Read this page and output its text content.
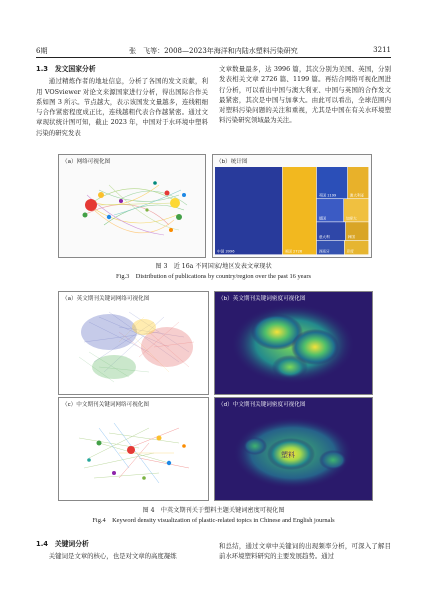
6期	张　飞等：2008—2023年海洋和内陆水塑料污染研究	3211
1.3　发文国家分析

通过精炼作者的地址信息，分析了各国的发文贡献，利用 VOSviewer 对论文来源国家进行分析，得出国际合作关系如图 3 所示。节点越大，表示该国发文量越多，连线粗细与合作紧密程度成正比，连线越粗代表合作越紧密。通过文章现状统计图可知，截止 2023 年，中国对于水环境中塑料污染的研究发表

文章数量最多，达 3996 篇，其次分别为美国、英国，分别发表相关文章 2726 篇、1199 篇。再结合网络可视化图进行分析，可以看出中国与澳大利亚、中国与英国的合作发文最紧密，其次是中国与加拿大。由此可以看出，全球范围内对塑料污染问题的关注和重视，尤其是中国在有关水环境塑料污染研究领域最为关注。

（a）网络可视化图	（b）统计图
中国 3996	美国 2726
英国 1199	澳大利亚
德国	加拿大
意大利	韩国
西班牙	印度
图 3　近 16a 不同国家/地区发表文章现状
Fig.3　Distribution of publications by country/region over the past 16 years
（a）英文期刊关键词网络可视化图	（b）英文期刊关键词密度可视化图
（c）中文期刊关键词网络可视化图	（d）中文期刊关键词密度可视化图
塑料
图 4　中英文期刊关于塑料主题关键词密度可视化图
Fig.4　Keyword density visualization of plastic-related topics in Chinese and English journals
1.4　关键词分析

关键词是文章的核心，也是对文章的高度凝练

和总结，通过文章中关键词的出现频率分析，可深入了解目前水环境塑料研究的主要发展趋势。通过
